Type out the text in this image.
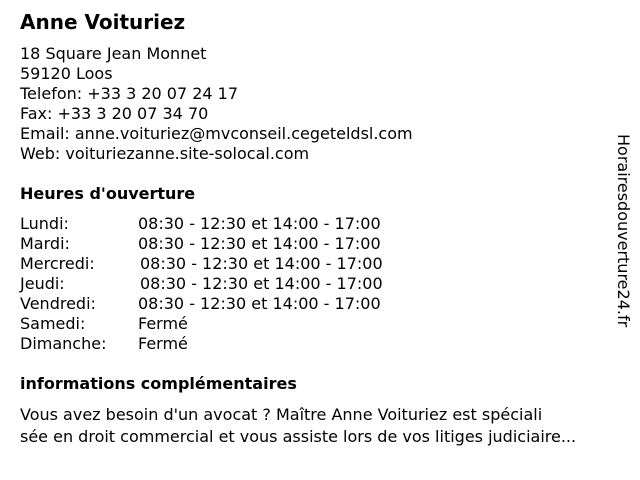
Anne Voituriez
18 Square Jean Monnet
59120 Loos
Telefon: +33 3 20 07 24 17
Fax: +33 3 20 07 34 70
Email: anne.voituriez@mvconseil.cegeteldsl.com
Web: voituriezanne.site-solocal.com
Heures d'ouverture
Lundi:	08:30 - 12:30 et 14:00 - 17:00
Mardi:	08:30 - 12:30 et 14:00 - 17:00
Mercredi:	08:30 - 12:30 et 14:00 - 17:00
Jeudi:	08:30 - 12:30 et 14:00 - 17:00
Vendredi:	08:30 - 12:30 et 14:00 - 17:00
Samedi:	Fermé
Dimanche: Fermé
informations complémentaires
Vous avez besoin d'un avocat ? Maître Anne Voituriez est spéciali
sée en droit commercial et vous assiste lors de vos litiges judiciaire...
Horairesdouverture24.fr
